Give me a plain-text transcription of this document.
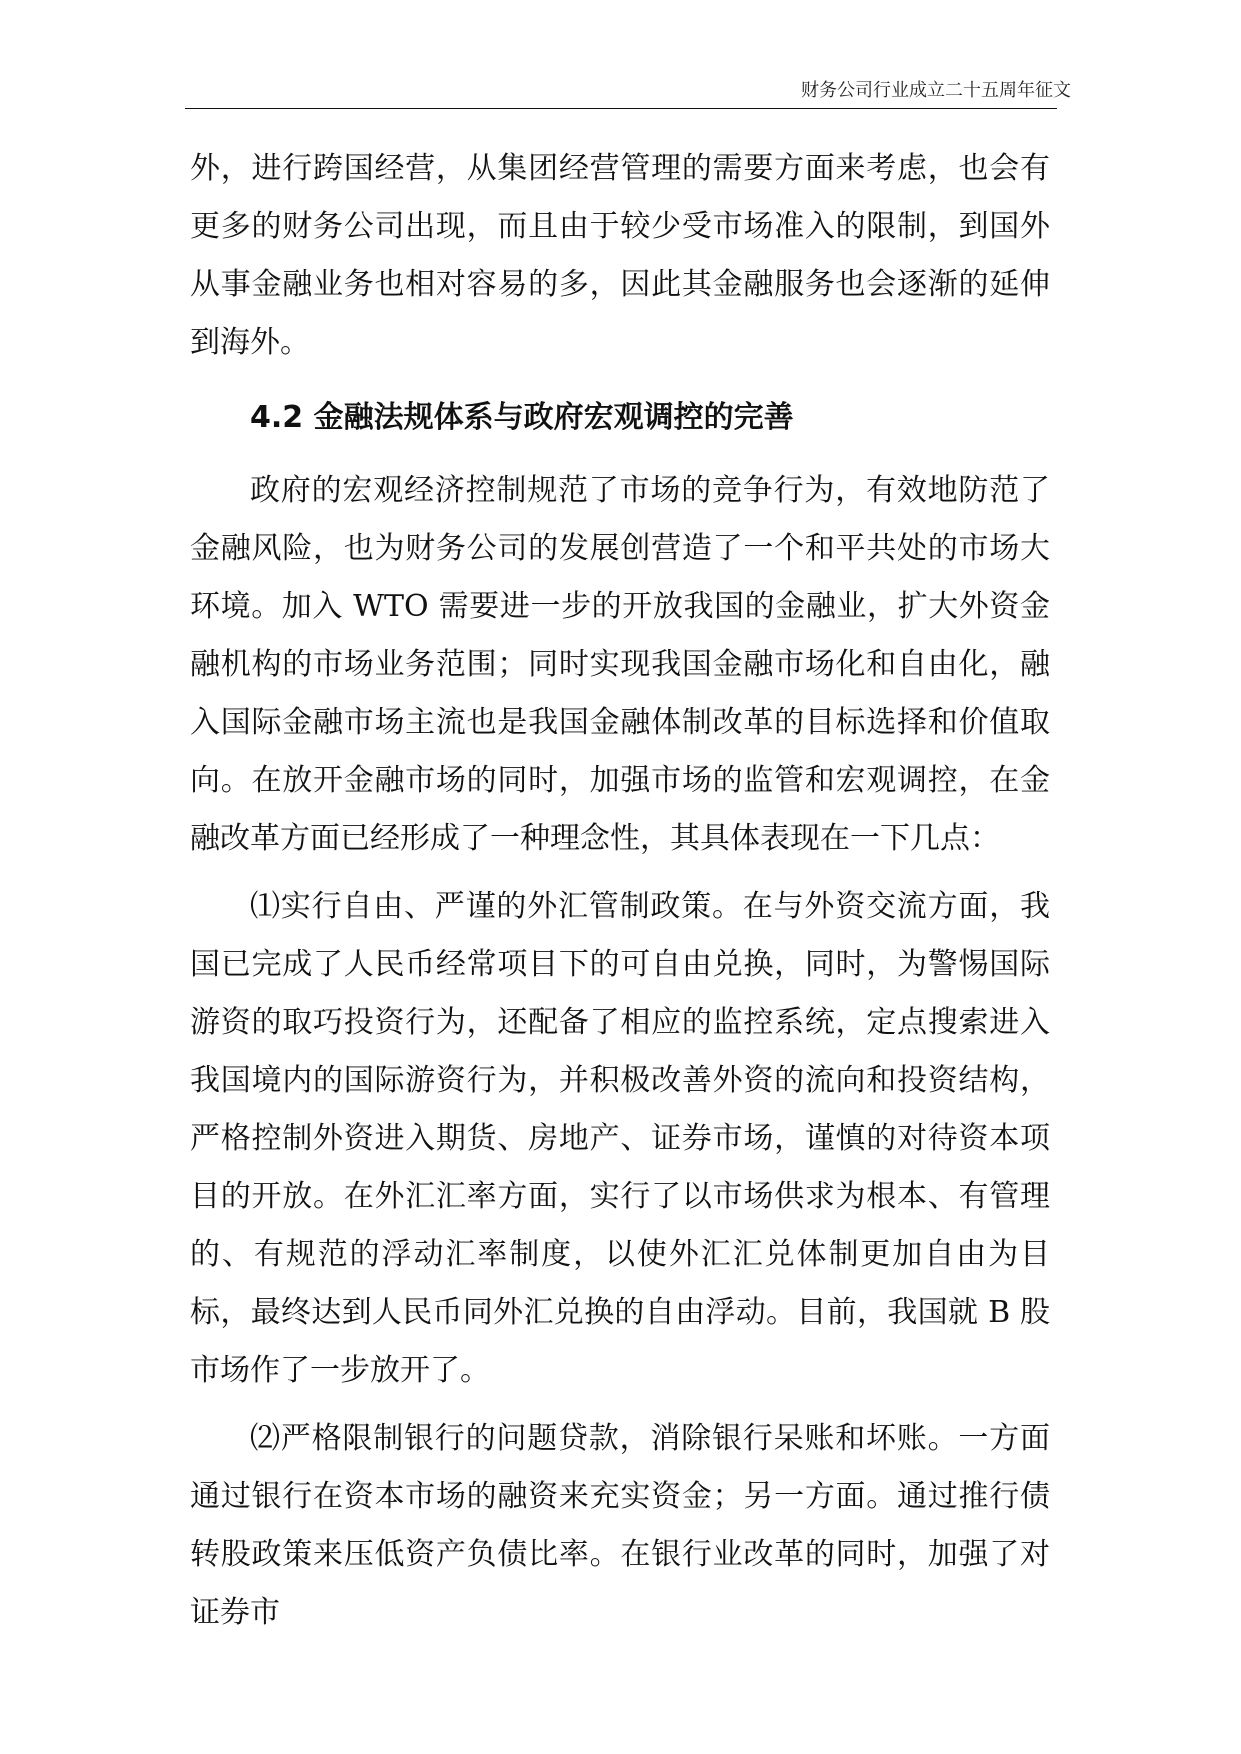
财务公司行业成立二十五周年征文

外，进行跨国经营，从集团经营管理的需要方面来考虑，也会有更多的财务公司出现，而且由于较少受市场准入的限制，到国外从事金融业务也相对容易的多，因此其金融服务也会逐渐的延伸到海外。

4.2 金融法规体系与政府宏观调控的完善

政府的宏观经济控制规范了市场的竞争行为，有效地防范了金融风险，也为财务公司的发展创营造了一个和平共处的市场大环境。加入 WTO 需要进一步的开放我国的金融业，扩大外资金融机构的市场业务范围；同时实现我国金融市场化和自由化，融入国际金融市场主流也是我国金融体制改革的目标选择和价值取向。在放开金融市场的同时，加强市场的监管和宏观调控，在金融改革方面已经形成了一种理念性，其具体表现在一下几点：

⑴实行自由、严谨的外汇管制政策。在与外资交流方面，我国已完成了人民币经常项目下的可自由兑换，同时，为警惕国际游资的取巧投资行为，还配备了相应的监控系统，定点搜索进入我国境内的国际游资行为，并积极改善外资的流向和投资结构，严格控制外资进入期货、房地产、证券市场，谨慎的对待资本项目的开放。在外汇汇率方面，实行了以市场供求为根本、有管理的、有规范的浮动汇率制度，以使外汇汇兑体制更加自由为目标，最终达到人民币同外汇兑换的自由浮动。目前，我国就 B 股市场作了一步放开了。

⑵严格限制银行的问题贷款，消除银行呆账和坏账。一方面通过银行在资本市场的融资来充实资金；另一方面。通过推行债转股政策来压低资产负债比率。在银行业改革的同时，加强了对证券市
